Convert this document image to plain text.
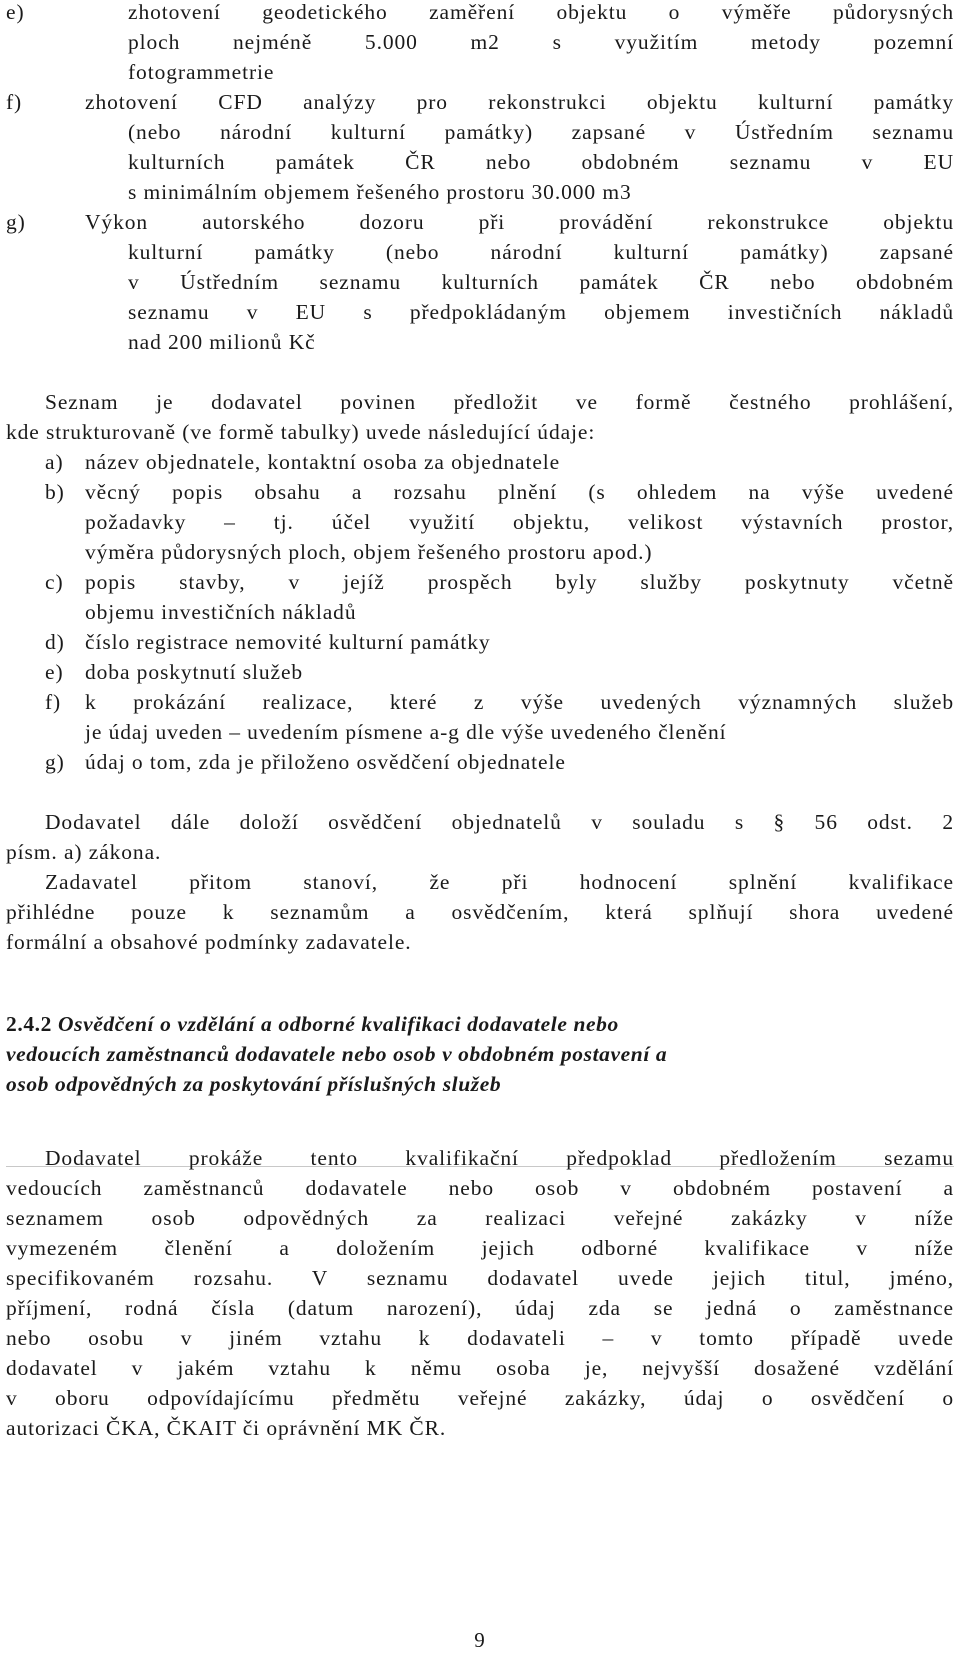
e)	zhotovení geodetického zaměření objektu o výměře půdorysných
ploch nejméně 5.000 m2 s využitím metody pozemní
fotogrammetrie
f)	zhotovení CFD analýzy pro rekonstrukci objektu kulturní památky
(nebo národní kulturní památky) zapsané v Ústředním seznamu
kulturních památek ČR nebo obdobném seznamu v EU
s minimálním objemem řešeného prostoru 30.000 m3
g)	Výkon autorského dozoru při provádění rekonstrukce objektu
kulturní památky (nebo národní kulturní památky) zapsané
v Ústředním seznamu kulturních památek ČR nebo obdobném
seznamu v EU s předpokládaným objemem investičních nákladů
nad 200 milionů Kč
Seznam je dodavatel povinen předložit ve formě čestného prohlášení,
kde strukturovaně (ve formě tabulky) uvede následující údaje:
a) název objednatele, kontaktní osoba za objednatele
b) věcný popis obsahu a rozsahu plnění (s ohledem na výše uvedené
požadavky – tj. účel využití objektu, velikost výstavních prostor,
výměra půdorysných ploch, objem řešeného prostoru apod.)
c) popis stavby, v jejíž prospěch byly služby poskytnuty včetně
objemu investičních nákladů
d) číslo registrace nemovité kulturní památky
e) doba poskytnutí služeb
f) k prokázání realizace, které z výše uvedených významných služeb
je údaj uveden – uvedením písmene a-g dle výše uvedeného členění
g) údaj o tom, zda je přiloženo osvědčení objednatele
Dodavatel dále doloží osvědčení objednatelů v souladu s § 56 odst. 2
písm. a) zákona.
Zadavatel přitom stanoví, že při hodnocení splnění kvalifikace
přihlédne pouze k seznamům a osvědčením, která splňují shora uvedené
formální a obsahové podmínky zadavatele.
2.4.2 Osvědčení o vzdělání a odborné kvalifikaci dodavatele nebo
vedoucích zaměstnanců dodavatele nebo osob v obdobném postavení a
osob odpovědných za poskytování příslušných služeb
Dodavatel prokáže tento kvalifikační předpoklad předložením sezamu
vedoucích zaměstnanců dodavatele nebo osob v obdobném postavení a
seznamem osob odpovědných za realizaci veřejné zakázky v níže
vymezeném členění a doložením jejich odborné kvalifikace v níže
specifikovaném rozsahu. V seznamu dodavatel uvede jejich titul, jméno,
příjmení, rodná čísla (datum narození), údaj zda se jedná o zaměstnance
nebo osobu v jiném vztahu k dodavateli – v tomto případě uvede
dodavatel v jakém vztahu k němu osoba je, nejvyšší dosažené vzdělání
v oboru odpovídajícímu předmětu veřejné zakázky, údaj o osvědčení o
autorizaci ČKA, ČKAIT či oprávnění MK ČR.
9
